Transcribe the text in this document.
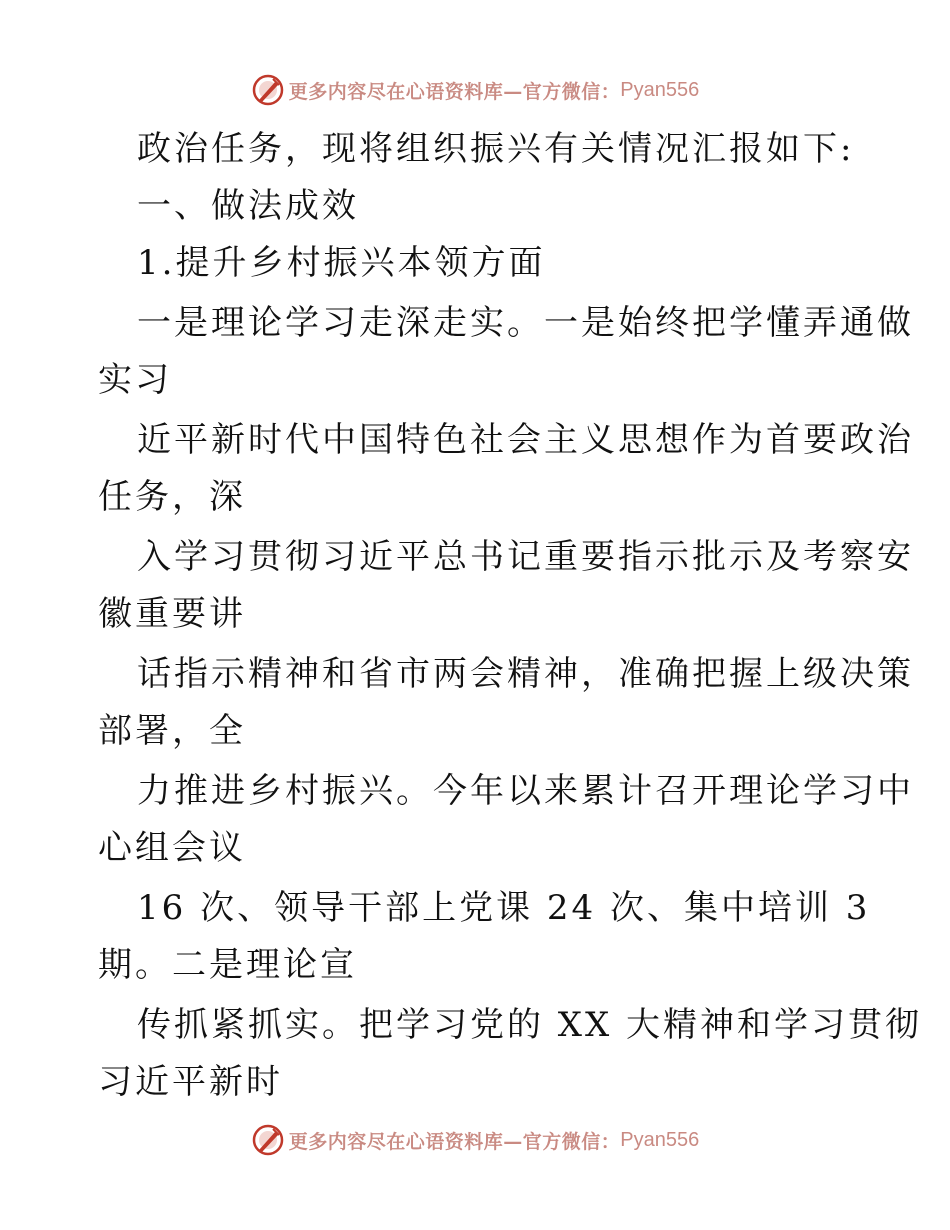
更多内容尽在心语资料库—官方微信： Pyan556
政治任务，现将组织振兴有关情况汇报如下:
一、做法成效
1.提升乡村振兴本领方面
一是理论学习走深走实。一是始终把学懂弄通做
实习
近平新时代中国特色社会主义思想作为首要政治
任务，深
入学习贯彻习近平总书记重要指示批示及考察安
徽重要讲
话指示精神和省市两会精神，准确把握上级决策
部署，全
力推进乡村振兴。今年以来累计召开理论学习中
心组会议
16 次、领导干部上党课 24 次、集中培训 3
期。二是理论宣
传抓紧抓实。把学习党的 XX 大精神和学习贯彻
习近平新时
更多内容尽在心语资料库—官方微信： Pyan556
